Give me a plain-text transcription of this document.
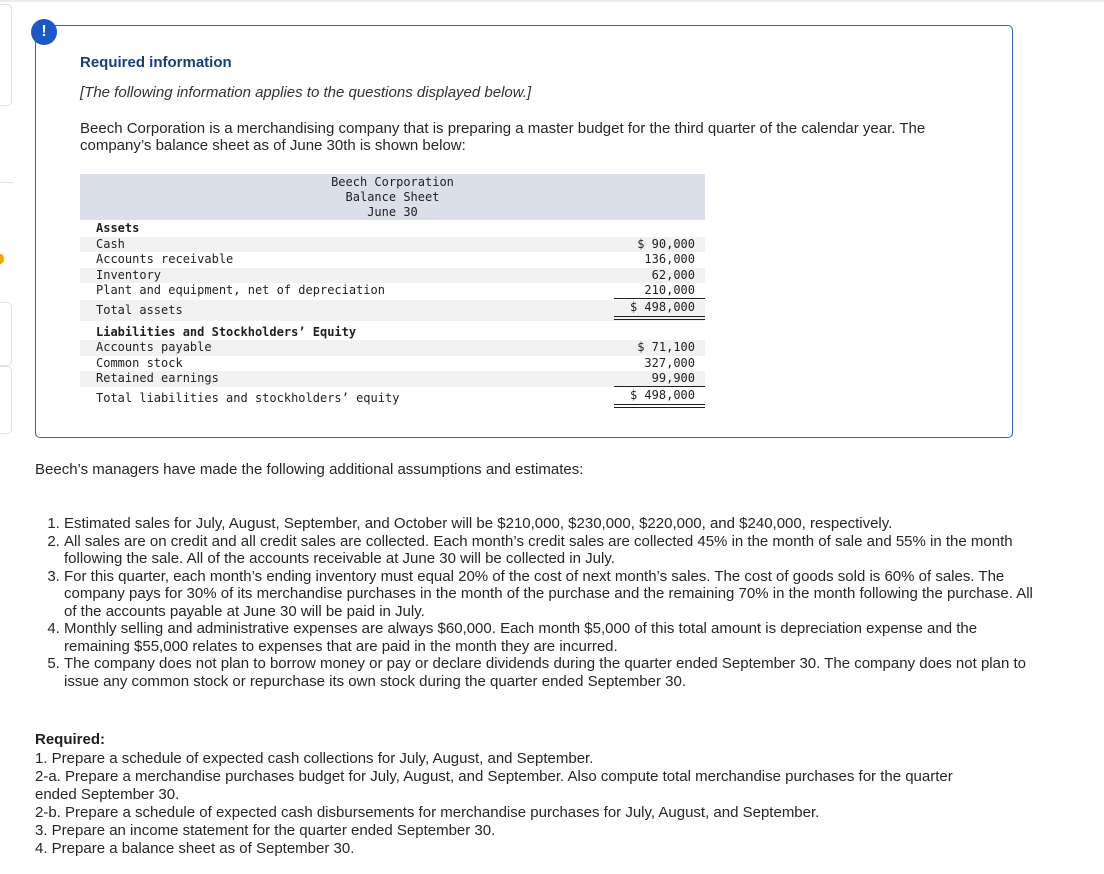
!
Required information
[The following information applies to the questions displayed below.]
Beech Corporation is a merchandising company that is preparing a master budget for the third quarter of the calendar year. The company’s balance sheet as of June 30th is shown below:
Beech Corporation
Balance Sheet
June 30
Assets
Cash	$ 90,000
Accounts receivable	136,000
Inventory	62,000
Plant and equipment, net of depreciation	210,000
Total assets	$ 498,000
Liabilities and Stockholders’ Equity
Accounts payable	$ 71,100
Common stock	327,000
Retained earnings	99,900
Total liabilities and stockholders’ equity	$ 498,000
Beech’s managers have made the following additional assumptions and estimates:
1. Estimated sales for July, August, September, and October will be $210,000, $230,000, $220,000, and $240,000, respectively.
2. All sales are on credit and all credit sales are collected. Each month’s credit sales are collected 45% in the month of sale and 55% in the month following the sale. All of the accounts receivable at June 30 will be collected in July.
3. For this quarter, each month’s ending inventory must equal 20% of the cost of next month’s sales. The cost of goods sold is 60% of sales. The company pays for 30% of its merchandise purchases in the month of the purchase and the remaining 70% in the month following the purchase. All of the accounts payable at June 30 will be paid in July.
4. Monthly selling and administrative expenses are always $60,000. Each month $5,000 of this total amount is depreciation expense and the remaining $55,000 relates to expenses that are paid in the month they are incurred.
5. The company does not plan to borrow money or pay or declare dividends during the quarter ended September 30. The company does not plan to issue any common stock or repurchase its own stock during the quarter ended September 30.
Required:
1. Prepare a schedule of expected cash collections for July, August, and September.
2-a. Prepare a merchandise purchases budget for July, August, and September. Also compute total merchandise purchases for the quarter ended September 30.
2-b. Prepare a schedule of expected cash disbursements for merchandise purchases for July, August, and September.
3. Prepare an income statement for the quarter ended September 30.
4. Prepare a balance sheet as of September 30.
